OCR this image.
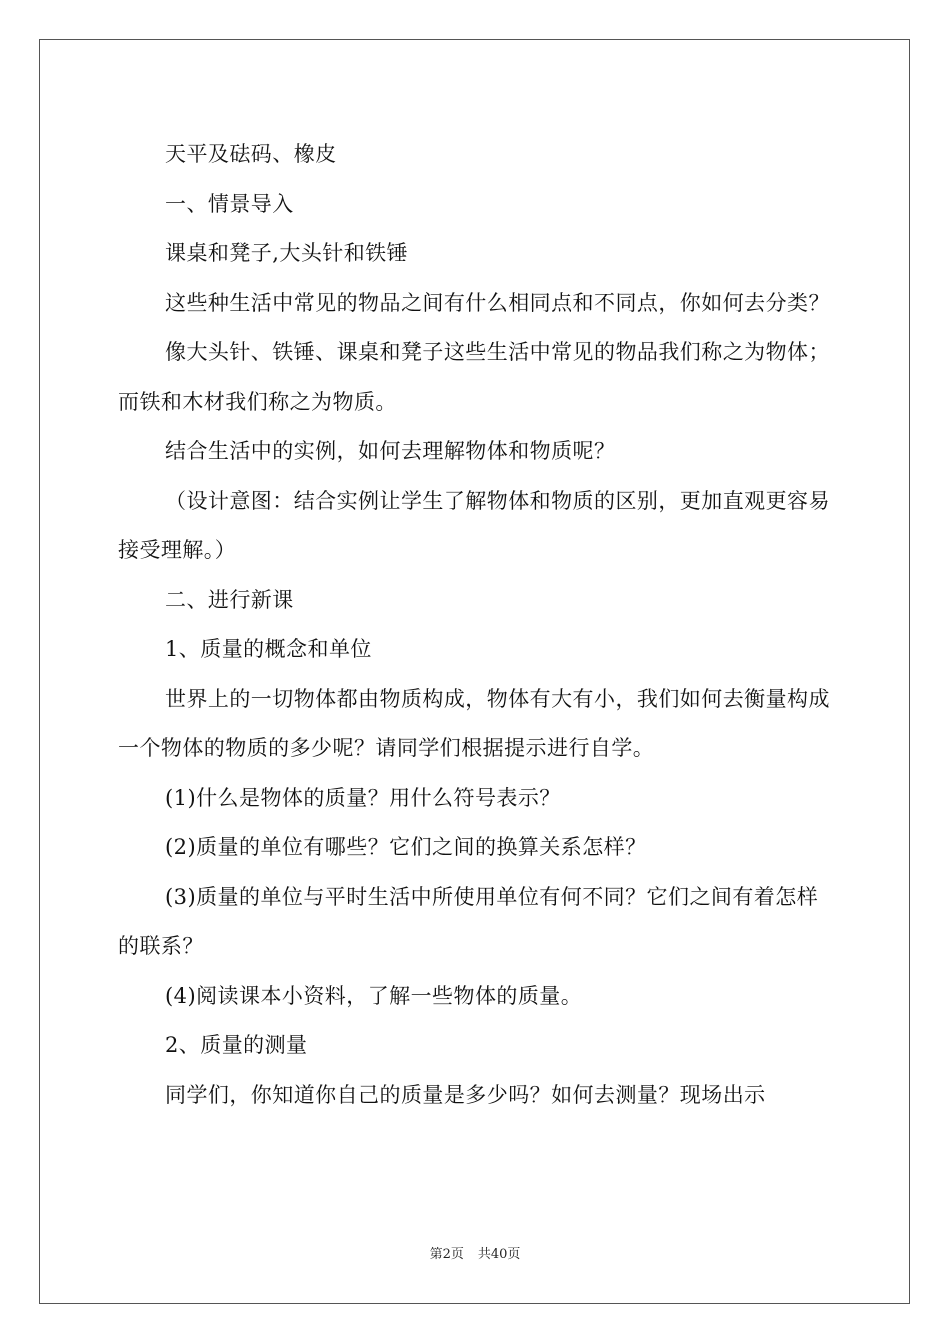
天平及砝码、橡皮

一、情景导入

课桌和凳子,大头针和铁锤

这些种生活中常见的物品之间有什么相同点和不同点，你如何去分类？

像大头针、铁锤、课桌和凳子这些生活中常见的物品我们称之为物体；而铁和木材我们称之为物质。

结合生活中的实例，如何去理解物体和物质呢？

（设计意图：结合实例让学生了解物体和物质的区别，更加直观更容易接受理解。）

二、进行新课

1、质量的概念和单位

世界上的一切物体都由物质构成，物体有大有小，我们如何去衡量构成一个物体的物质的多少呢？请同学们根据提示进行自学。

(1)什么是物体的质量？用什么符号表示？

(2)质量的单位有哪些？它们之间的换算关系怎样？

(3)质量的单位与平时生活中所使用单位有何不同？它们之间有着怎样的联系？

(4)阅读课本小资料，了解一些物体的质量。

2、质量的测量

同学们，你知道你自己的质量是多少吗？如何去测量？现场出示

第2页 共40页
